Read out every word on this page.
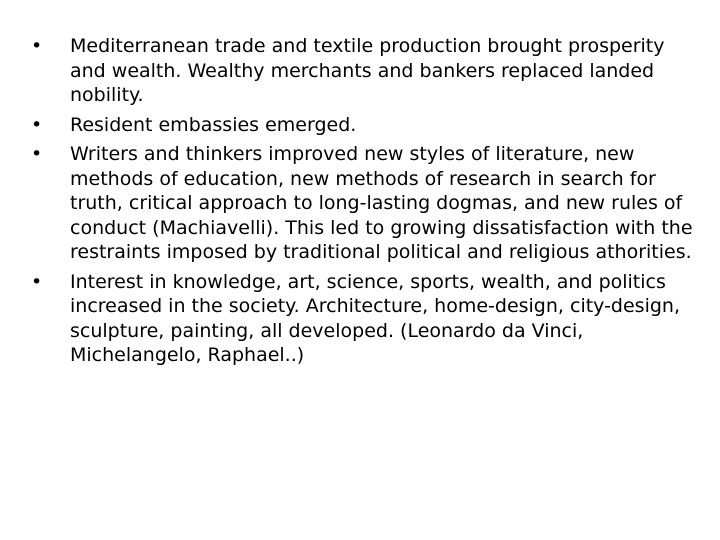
• Mediterranean trade and textile production brought prosperity and wealth. Wealthy merchants and bankers replaced landed nobility.
• Resident embassies emerged.
• Writers and thinkers improved new styles of literature, new methods of education, new methods of research in search for truth, critical approach to long-lasting dogmas, and new rules of conduct (Machiavelli). This led to growing dissatisfaction with the restraints imposed by traditional political and religious athorities.
• Interest in knowledge, art, science, sports, wealth, and politics increased in the society. Architecture, home-design, city-design, sculpture, painting, all developed. (Leonardo da Vinci, Michelangelo, Raphael..)
